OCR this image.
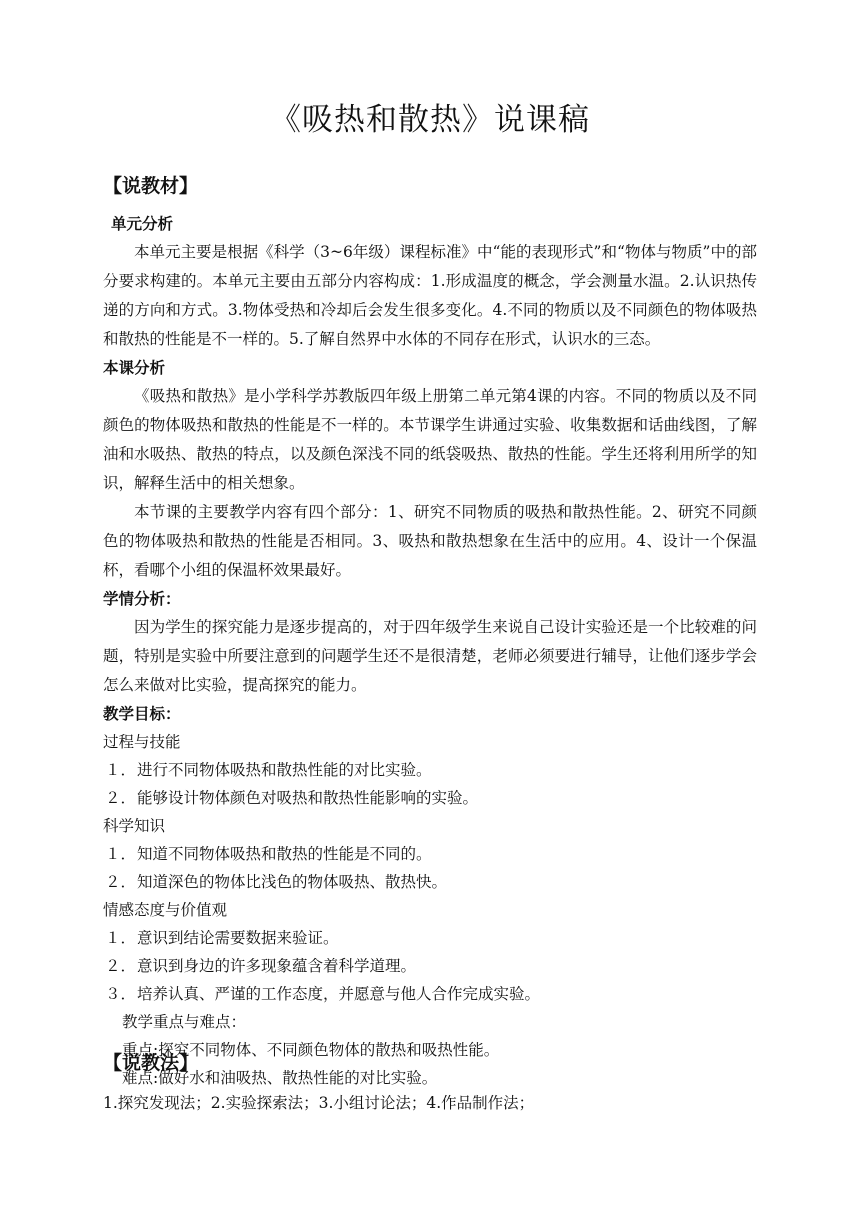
《吸热和散热》说课稿
【说教材】
单元分析

本单元主要是根据《科学（3~6年级）课程标准》中“能的表现形式”和“物体与物质”中的部分要求构建的。本单元主要由五部分内容构成：1.形成温度的概念，学会测量水温。2.认识热传递的方向和方式。3.物体受热和冷却后会发生很多变化。4.不同的物质以及不同颜色的物体吸热和散热的性能是不一样的。5.了解自然界中水体的不同存在形式，认识水的三态。

本课分析

《吸热和散热》是小学科学苏教版四年级上册第二单元第4课的内容。不同的物质以及不同颜色的物体吸热和散热的性能是不一样的。本节课学生讲通过实验、收集数据和话曲线图，了解油和水吸热、散热的特点，以及颜色深浅不同的纸袋吸热、散热的性能。学生还将利用所学的知识，解释生活中的相关想象。

本节课的主要教学内容有四个部分：1、研究不同物质的吸热和散热性能。2、研究不同颜色的物体吸热和散热的性能是否相同。3、吸热和散热想象在生活中的应用。4、设计一个保温杯，看哪个小组的保温杯效果最好。

学情分析：

因为学生的探究能力是逐步提高的，对于四年级学生来说自己设计实验还是一个比较难的问题，特别是实验中所要注意到的问题学生还不是很清楚，老师必须要进行辅导，让他们逐步学会怎么来做对比实验，提高探究的能力。

教学目标：
过程与技能
１．进行不同物体吸热和散热性能的对比实验。
２．能够设计物体颜色对吸热和散热性能影响的实验。
科学知识
１．知道不同物体吸热和散热的性能是不同的。
２．知道深色的物体比浅色的物体吸热、散热快。
情感态度与价值观
１．意识到结论需要数据来验证。
２．意识到身边的许多现象蕴含着科学道理。
３．培养认真、严谨的工作态度，并愿意与他人合作完成实验。
教学重点与难点：
重点:探究不同物体、不同颜色物体的散热和吸热性能。
难点:做好水和油吸热、散热性能的对比实验。
【说教法】
1.探究发现法；2.实验探索法；3.小组讨论法；4.作品制作法；
